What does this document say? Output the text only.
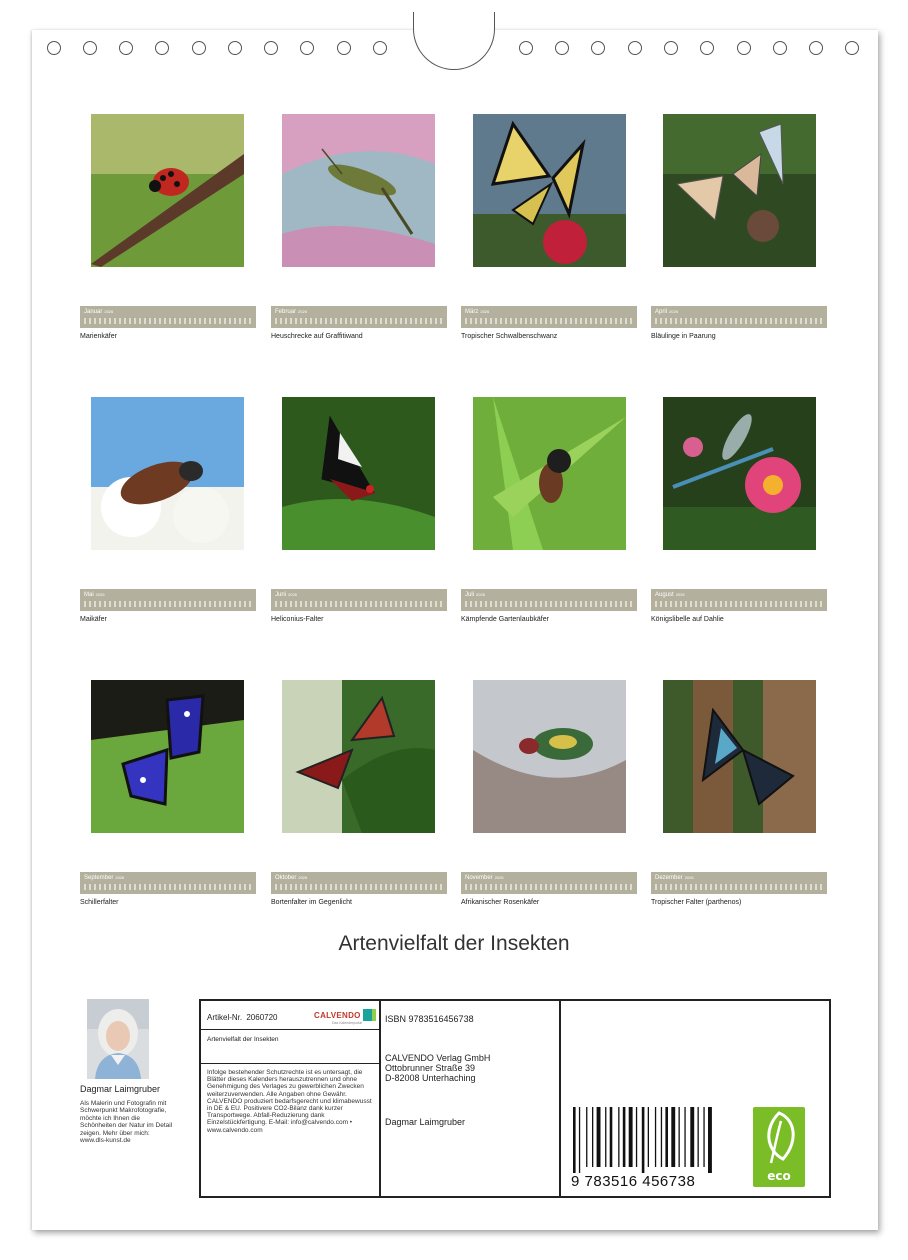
Januar 2026
Marienkäfer
Februar 2026
Heuschrecke auf Graffitiwand
März 2026
Tropischer Schwalbenschwanz
April 2026
Bläulinge in Paarung
Mai 2026
Maikäfer
Juni 2026
Heliconius-Falter
Juli 2026
Kämpfende Gartenlaubkäfer
August 2026
Königslibelle auf Dahlie
September 2026
Schillerfalter
Oktober 2026
Bortenfalter im Gegenlicht
November 2026
Afrikanischer Rosenkäfer
Dezember 2026
Tropischer Falter (parthenos)
Artenvielfalt der Insekten
Dagmar Laimgruber
Als Malerin und Fotografin mit Schwerpunkt Makrofotografie, möchte ich Ihnen die Schönheiten der Natur im Detail zeigen. Mehr über mich: www.dls-kunst.de
Artikel-Nr. 2060720	CALVENDO
Das Kalenderportal
Artenvielfalt der Insekten
Infolge bestehender Schutzrechte ist es untersagt, die Blätter dieses Kalenders herauszutrennen und ohne Genehmigung des Verlages zu gewerblichen Zwecken weiterzuverwenden. Alle Angaben ohne Gewähr. CALVENDO produziert bedarfsgerecht und klimabewusst in DE & EU. Positivere CO2-Bilanz dank kurzer Transportwege. Abfall-Reduzierung dank Einzelstückfertigung. E-Mail: info@calvendo.com • www.calvendo.com
ISBN 9783516456738
CALVENDO Verlag GmbH
Ottobrunner Straße 39
D-82008 Unterhaching
Dagmar Laimgruber
9 783516 456738	eco
